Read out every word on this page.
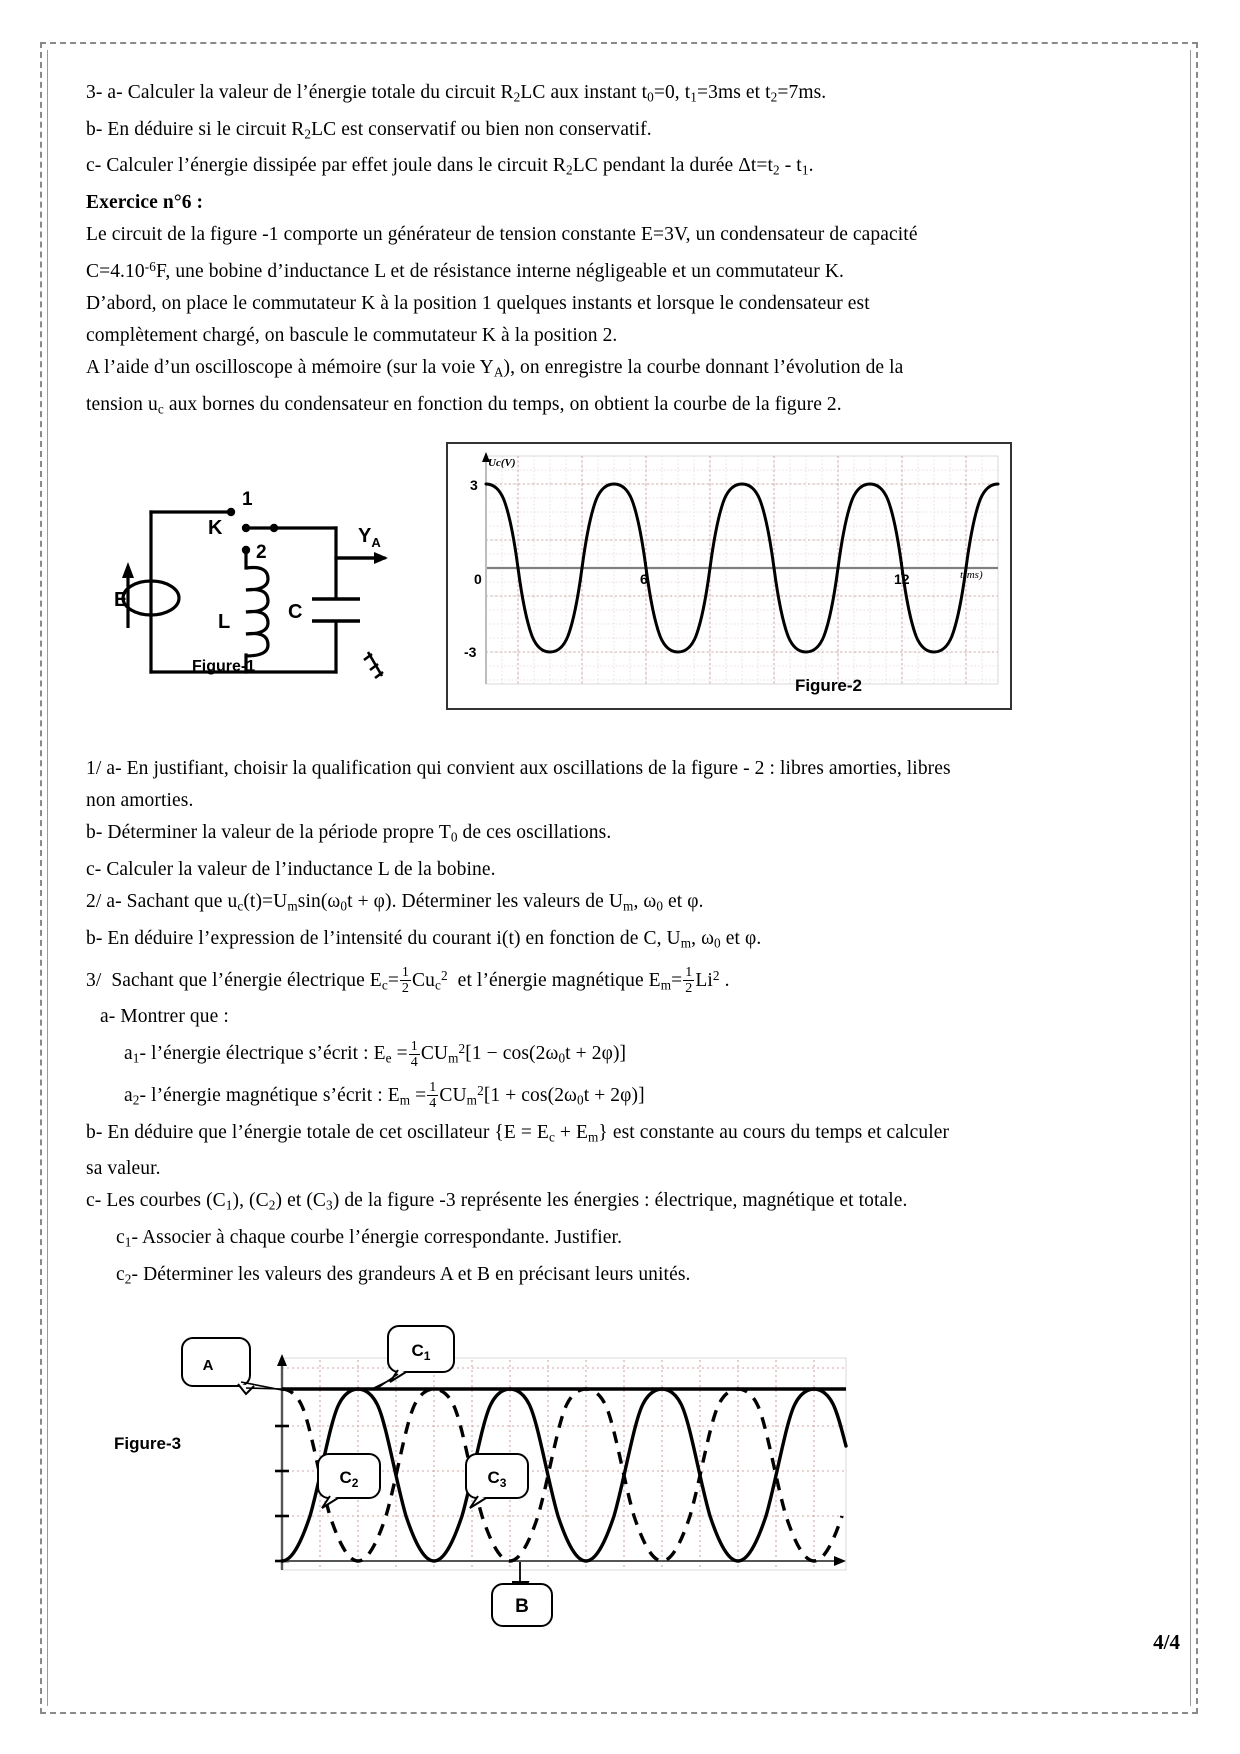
3- a- Calculer la valeur de l’énergie totale du circuit $R_2LC$ aux instant $t_0=0$, $t_1=3ms$ et $t_2=7ms$.

b- En déduire si le circuit $R_2LC$ est conservatif ou bien non conservatif.

c- Calculer l’énergie dissipée par effet joule dans le circuit $R_2LC$ pendant la durée $\Delta t=t_2 - t_1$.

Exercice n°6 :

Le circuit de la figure -1 comporte un générateur de tension constante E=3V, un condensateur de capacité

$C=4.10^{-6}F$, une bobine d’inductance L et de résistance interne négligeable et un commutateur K.

D’abord, on place le commutateur K à la position 1 quelques instants et lorsque le condensateur est

complètement chargé, on bascule le commutateur K à la position 2.

A l’aide d’un oscilloscope à mémoire (sur la voie $Y_A$), on enregistre la courbe donnant l’évolution de la

tension $u_c$ aux bornes du condensateur en fonction du temps, on obtient la courbe de la figure 2.

E
K
1
2
L	C
$Y_A$
Figure-1
Uc(V)
3
-3
0	6	12	t(ms)
Figure-2

1/ a- En justifiant, choisir la qualification qui convient aux oscillations de la figure - 2 : libres amorties, libres

non amorties.

b- Déterminer la valeur de la période propre $T_0$ de ces oscillations.

c- Calculer la valeur de l’inductance L de la bobine.

2/ a- Sachant que $u_c(t)=U_m\sin(\omega_0t + \varphi)$. Déterminer les valeurs de $U_m$, $\omega_0$ et φ.

b- En déduire l’expression de l’intensité du courant i(t) en fonction de C, $U_m$, $\omega_0$ et φ.

3/  Sachant que l’énergie électrique $E_c= \frac{1}{2} Cu_c^2$  et l’énergie magnétique $E_m= \frac{1}{2} Li^2$ .

a- Montrer que :

$a_1-$ l’énergie électrique s’écrit : $E_e = \frac{1}{4} CU_m^2[1 - \cos(2\omega_0t + 2\varphi)]$

$a_2-$ l’énergie magnétique s’écrit : $E_m = \frac{1}{4} CU_m^2[1 + \cos(2\omega_0t + 2\varphi)]$

b- En déduire que l’énergie totale de cet oscillateur $\{E = E_c + E_m\}$ est constante au cours du temps et calculer

sa valeur.

c- Les courbes $(C_1)$, $(C_2)$ et $(C_3)$ de la figure -3 représente les énergies : électrique, magnétique et totale.

$c_1-$ Associer à chaque courbe l’énergie correspondante. Justifier.

$c_2-$ Déterminer les valeurs des grandeurs A et B en précisant leurs unités.

Figure-3
A
$C_1$
$C_2$	$C_3$
B
4/4
